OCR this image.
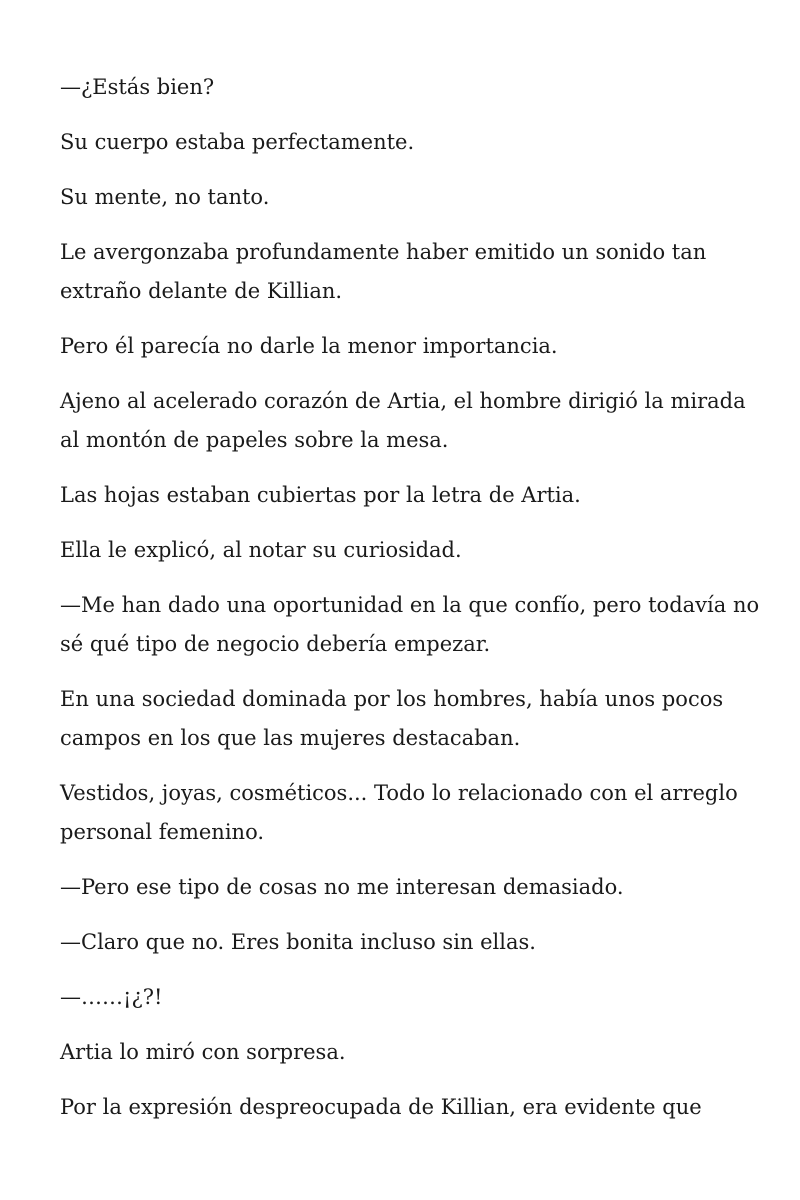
—¿Estás bien?

Su cuerpo estaba perfectamente.

Su mente, no tanto.

Le avergonzaba profundamente haber emitido un sonido tan extraño delante de Killian.

Pero él parecía no darle la menor importancia.

Ajeno al acelerado corazón de Artia, el hombre dirigió la mirada al montón de papeles sobre la mesa.

Las hojas estaban cubiertas por la letra de Artia.

Ella le explicó, al notar su curiosidad.

—Me han dado una oportunidad en la que confío, pero todavía no sé qué tipo de negocio debería empezar.

En una sociedad dominada por los hombres, había unos pocos campos en los que las mujeres destacaban.

Vestidos, joyas, cosméticos... Todo lo relacionado con el arreglo personal femenino.

—Pero ese tipo de cosas no me interesan demasiado.

—Claro que no. Eres bonita incluso sin ellas.

—……¡¿?!

Artia lo miró con sorpresa.

Por la expresión despreocupada de Killian, era evidente que
